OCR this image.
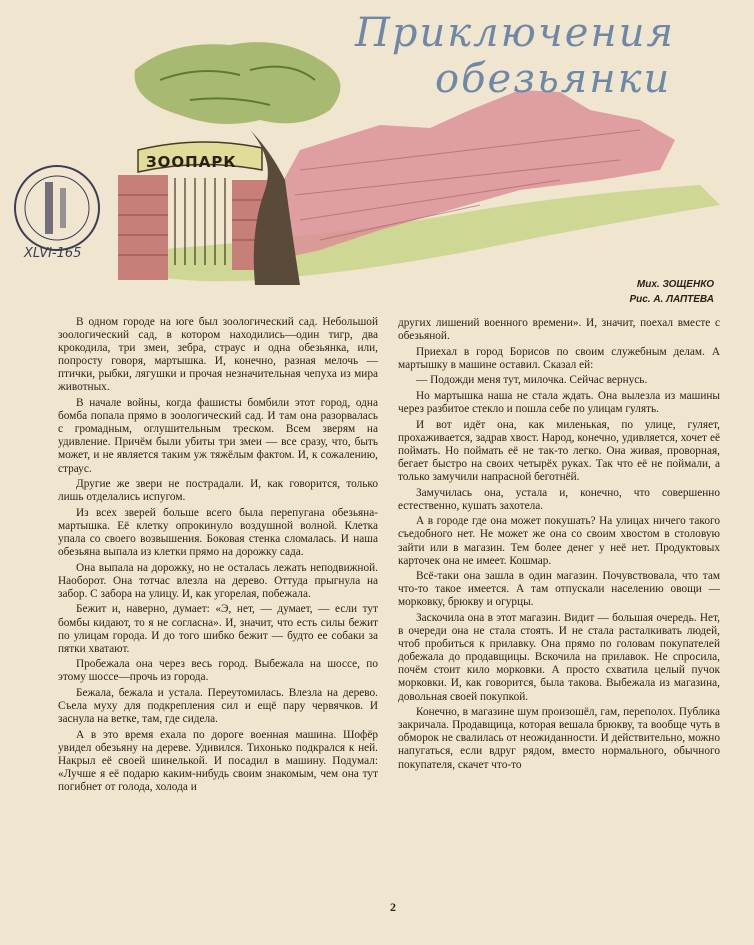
ЗООПАРК
Приключения
обезьянки
XLVI-165
Мих. ЗОЩЕНКО
Рис. А. ЛАПТЕВА

В одном городе на юге был зоологический сад. Небольшой зоологический сад, в котором находились—один тигр, два крокодила, три змеи, зебра, страус и одна обезьянка, или, попросту говоря, мартышка. И, конечно, разная мелочь — птички, рыбки, лягушки и прочая незначительная чепуха из мира животных.

В начале войны, когда фашисты бомбили этот город, одна бомба попала прямо в зоологический сад. И там она разорвалась с громадным, оглушительным треском. Всем зверям на удивление. Причём были убиты три змеи — все сразу, что, быть может, и не является таким уж тяжёлым фактом. И, к сожалению, страус.

Другие же звери не пострадали. И, как говорится, только лишь отделались испугом.

Из всех зверей больше всего была перепугана обезьяна-мартышка. Её клетку опрокинуло воздушной волной. Клетка упала со своего возвышения. Боковая стенка сломалась. И наша обезьяна выпала из клетки прямо на дорожку сада.

Она выпала на дорожку, но не осталась лежать неподвижной. Наоборот. Она тотчас влезла на дерево. Оттуда прыгнула на забор. С забора на улицу. И, как угорелая, побежала.

Бежит и, наверно, думает: «Э, нет, — думает, — если тут бомбы кидают, то я не согласна». И, значит, что есть силы бежит по улицам города. И до того шибко бежит — будто ее собаки за пятки хватают.

Пробежала она через весь город. Выбежала на шоссе, по этому шоссе—прочь из города.

Бежала, бежала и устала. Переутомилась. Влезла на дерево. Съела муху для подкрепления сил и ещё пару червячков. И заснула на ветке, там, где сидела.

А в это время ехала по дороге военная машина. Шофёр увидел обезьяну на дереве. Удивился. Тихонько подкрался к ней. Накрыл её своей шинелькой. И посадил в машину. Подумал: «Лучше я её подарю каким-нибудь своим знакомым, чем она тут погибнет от голода, холода и

других лишений военного времени». И, значит, поехал вместе с обезьяной.

Приехал в город Борисов по своим служебным делам. А мартышку в машине оставил. Сказал ей:

— Подожди меня тут, милочка. Сейчас вернусь.

Но мартышка наша не стала ждать. Она вылезла из машины через разбитое стекло и пошла себе по улицам гулять.

И вот идёт она, как миленькая, по улице, гуляет, прохаживается, задрав хвост. Народ, конечно, удивляется, хочет её поймать. Но поймать её не так-то легко. Она живая, проворная, бегает быстро на своих четырёх руках. Так что её не поймали, а только замучили напрасной беготнёй.

Замучилась она, устала и, конечно, что совершенно естественно, кушать захотела.

А в городе где она может покушать? На улицах ничего такого съедобного нет. Не может же она со своим хвостом в столовую зайти или в магазин. Тем более денег у неё нет. Продуктовых карточек она не имеет. Кошмар.

Всё-таки она зашла в один магазин. Почувствовала, что там что-то такое имеется. А там отпускали населению овощи — морковку, брюкву и огурцы.

Заскочила она в этот магазин. Видит — большая очередь. Нет, в очереди она не стала стоять. И не стала расталкивать людей, чтоб пробиться к прилавку. Она прямо по головам покупателей добежала до продавщицы. Вскочила на прилавок. Не спросила, почём стоит кило морковки. А просто схватила целый пучок морковки. И, как говорится, была такова. Выбежала из магазина, довольная своей покупкой.

Конечно, в магазине шум произошёл, гам, переполох. Публика закричала. Продавщица, которая вешала брюкву, та вообще чуть в обморок не свалилась от неожиданности. И действительно, можно напугаться, если вдруг рядом, вместо нормального, обычного покупателя, скачет что-то

2
